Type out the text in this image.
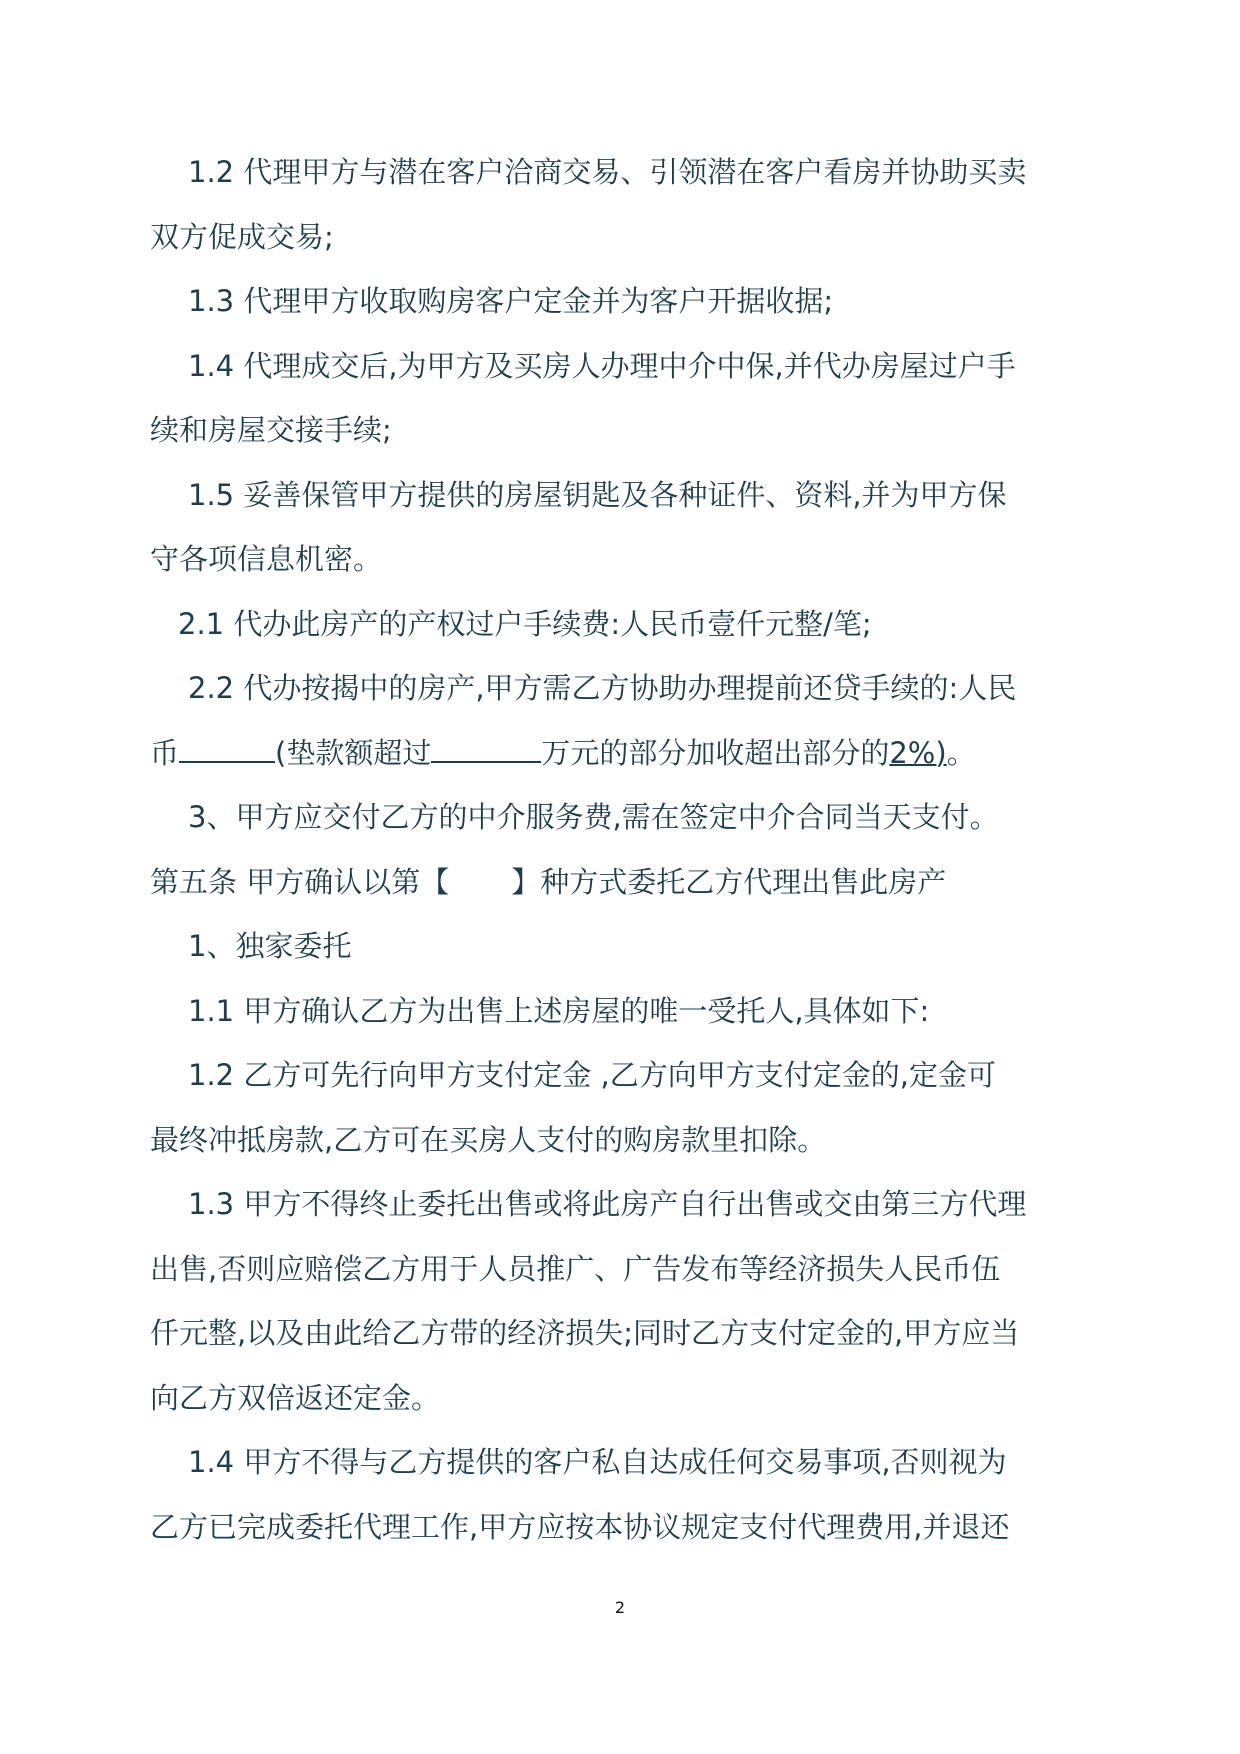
1.2 代理甲方与潜在客户洽商交易、引领潜在客户看房并协助买卖
双方促成交易;
1.3 代理甲方收取购房客户定金并为客户开据收据;
1.4 代理成交后,为甲方及买房人办理中介中保,并代办房屋过户手
续和房屋交接手续;
1.5 妥善保管甲方提供的房屋钥匙及各种证件、资料,并为甲方保
守各项信息机密。
2.1 代办此房产的产权过户手续费:人民币壹仟元整/笔;
2.2 代办按揭中的房产,甲方需乙方协助办理提前还贷手续的:人民
币	(垫款额超过	万元的部分加收超出部分的2%)。
3、甲方应交付乙方的中介服务费,需在签定中介合同当天支付。
第五条 甲方确认以第【 】种方式委托乙方代理出售此房产
1、独家委托
1.1 甲方确认乙方为出售上述房屋的唯一受托人,具体如下:
1.2 乙方可先行向甲方支付定金 ,乙方向甲方支付定金的,定金可
最终冲抵房款,乙方可在买房人支付的购房款里扣除。
1.3 甲方不得终止委托出售或将此房产自行出售或交由第三方代理
出售,否则应赔偿乙方用于人员推广、广告发布等经济损失人民币伍
仟元整,以及由此给乙方带的经济损失;同时乙方支付定金的,甲方应当
向乙方双倍返还定金。
1.4 甲方不得与乙方提供的客户私自达成任何交易事项,否则视为
乙方已完成委托代理工作,甲方应按本协议规定支付代理费用,并退还
2
